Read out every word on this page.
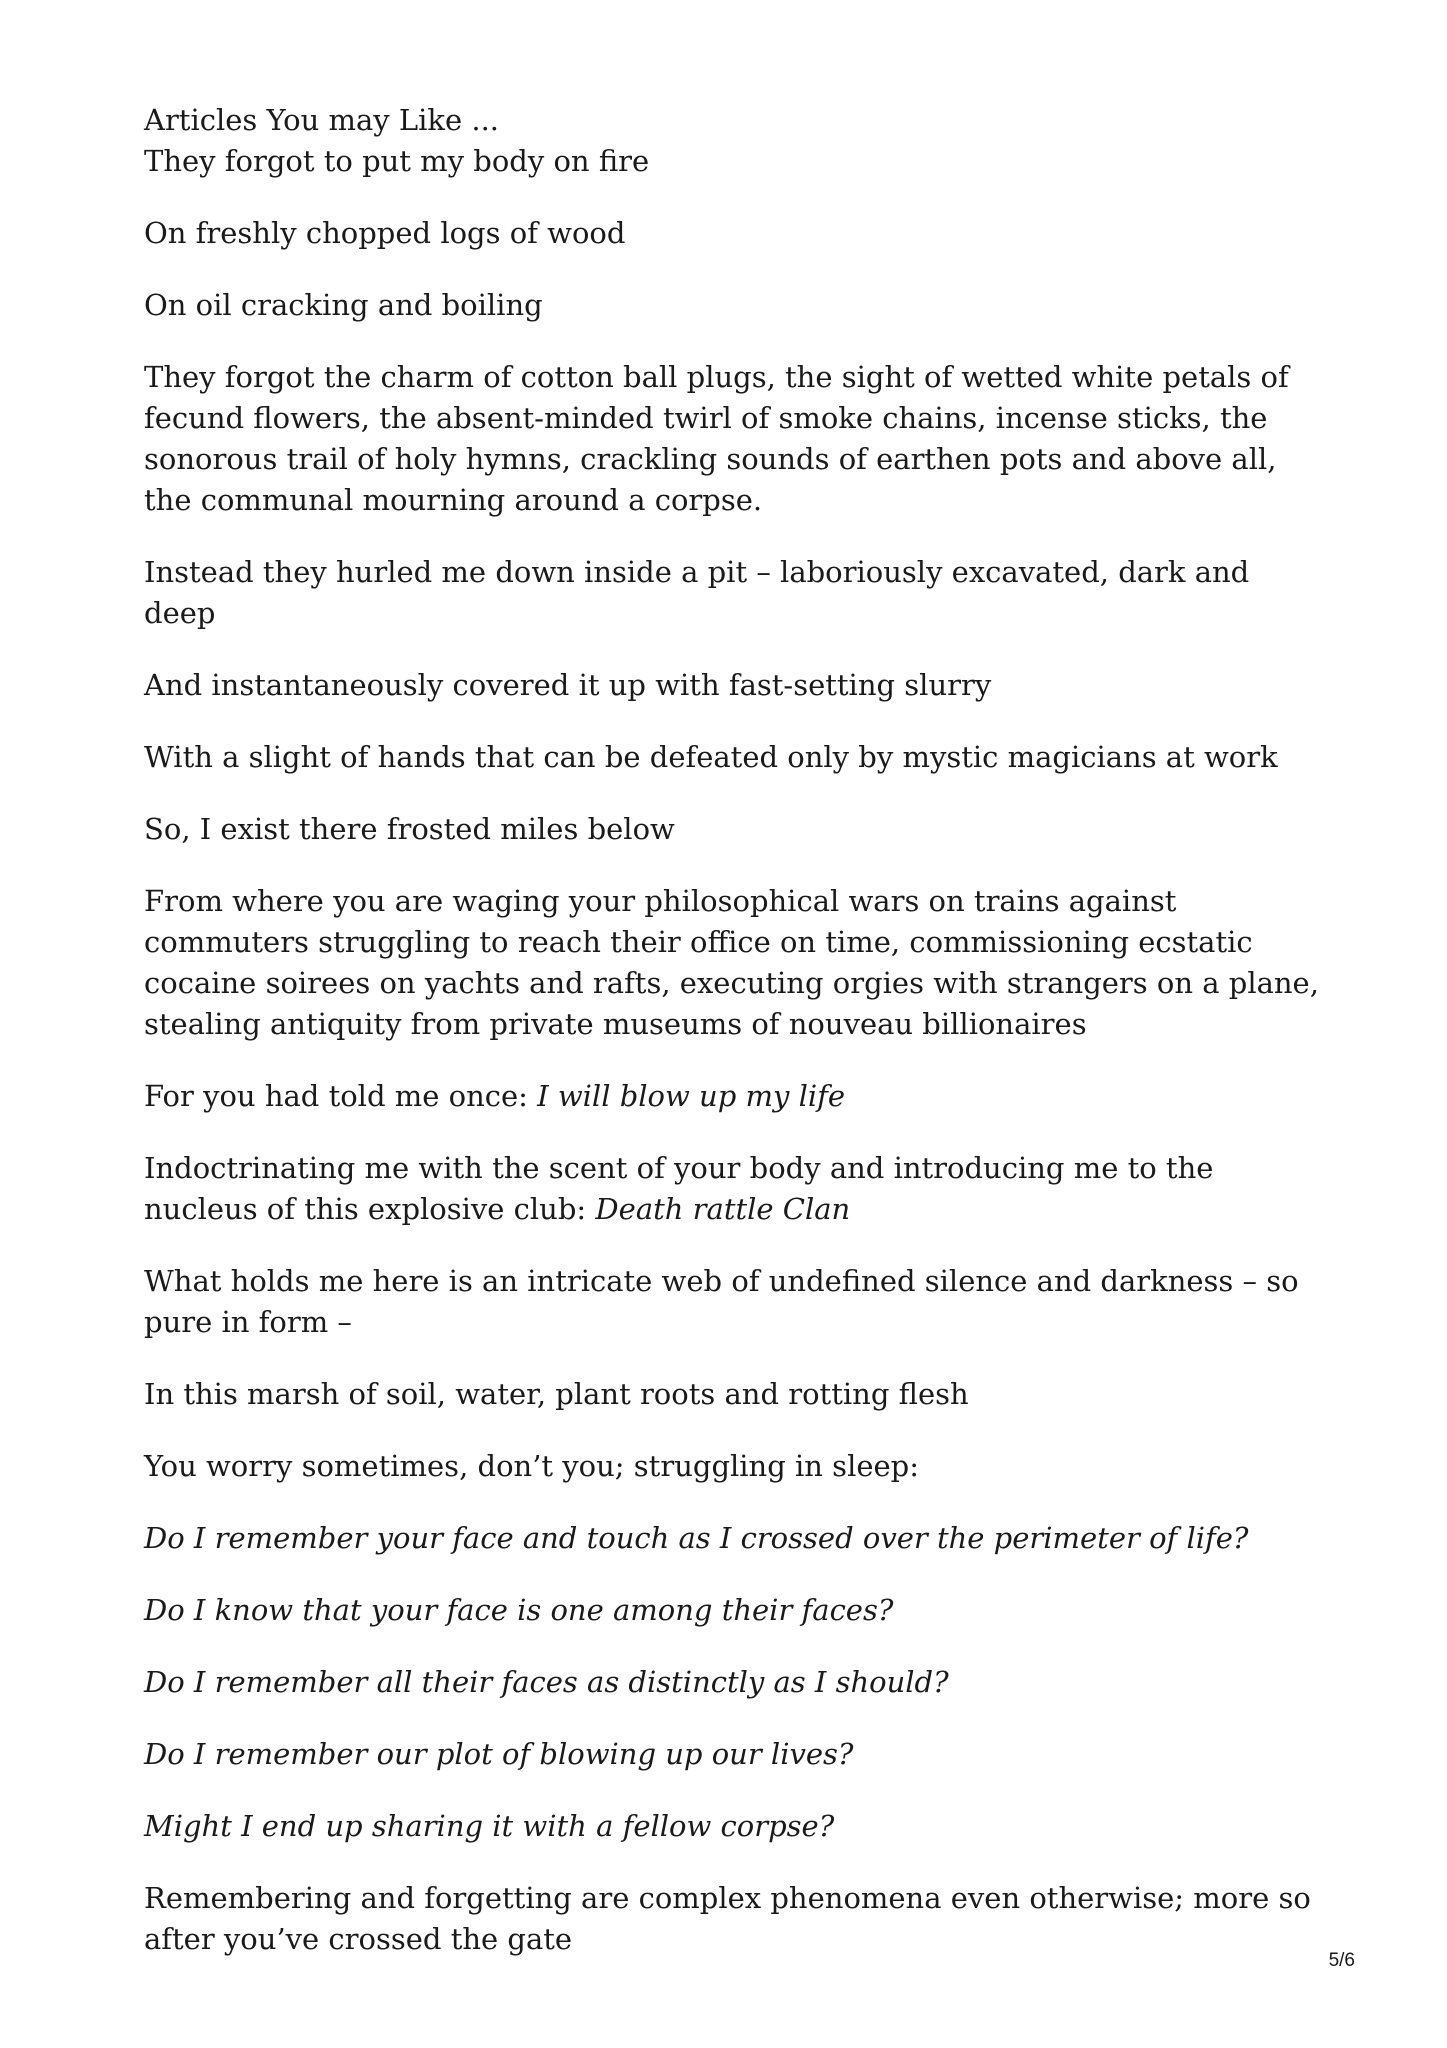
Articles You may Like ...

They forgot to put my body on fire

On freshly chopped logs of wood

On oil cracking and boiling

They forgot the charm of cotton ball plugs, the sight of wetted white petals of fecund flowers, the absent-minded twirl of smoke chains, incense sticks, the sonorous trail of holy hymns, crackling sounds of earthen pots and above all, the communal mourning around a corpse.

Instead they hurled me down inside a pit – laboriously excavated, dark and deep

And instantaneously covered it up with fast-setting slurry

With a slight of hands that can be defeated only by mystic magicians at work

So, I exist there frosted miles below

From where you are waging your philosophical wars on trains against commuters struggling to reach their office on time, commissioning ecstatic cocaine soirees on yachts and rafts, executing orgies with strangers on a plane, stealing antiquity from private museums of nouveau billionaires

For you had told me once: I will blow up my life

Indoctrinating me with the scent of your body and introducing me to the nucleus of this explosive club: Death rattle Clan

What holds me here is an intricate web of undefined silence and darkness – so pure in form –

In this marsh of soil, water, plant roots and rotting flesh

You worry sometimes, don’t you; struggling in sleep:

Do I remember your face and touch as I crossed over the perimeter of life?

Do I know that your face is one among their faces?

Do I remember all their faces as distinctly as I should?

Do I remember our plot of blowing up our lives?

Might I end up sharing it with a fellow corpse?

Remembering and forgetting are complex phenomena even otherwise; more so after you’ve crossed the gate

5/6
